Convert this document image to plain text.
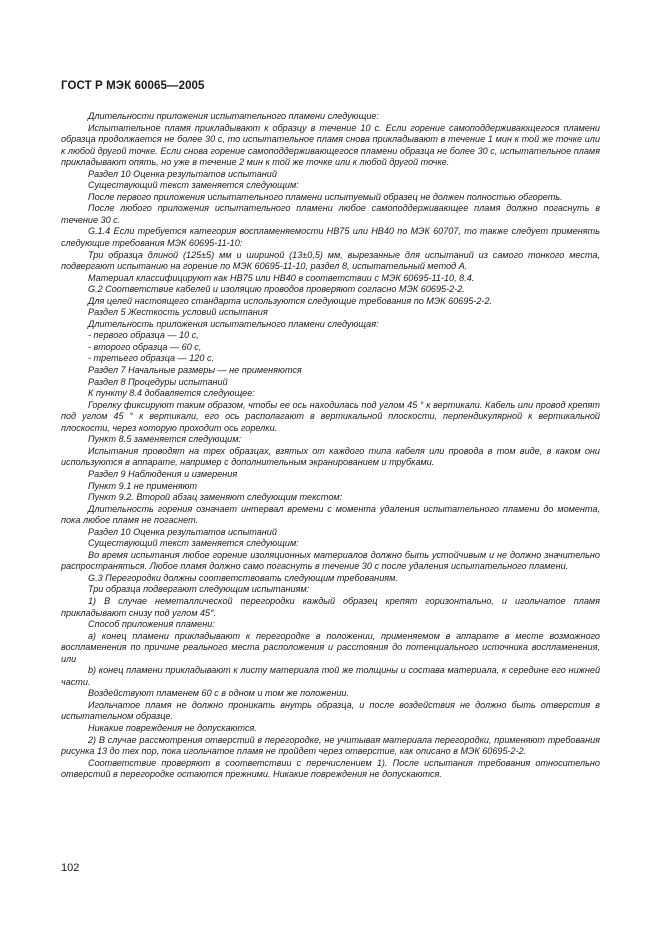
ГОСТ Р МЭК 60065—2005

Длительности приложения испытательного пламени следующие:

Испытательное пламя прикладывают к образцу в течение 10 с. Если горение самоподдерживающегося пламени образца продолжается не более 30 с, то испытательное пламя снова прикладывают в течение 1 мин к той же точке или к любой другой точке. Если снова горение самоподдерживающегося пламени образца не более 30 с, испытательное пламя прикладывают опять, но уже в течение 2 мин к той же точке или к любой другой точке.

Раздел 10 Оценка результатов испытаний

Существующий текст заменяется следующим:

После первого приложения испытательного пламени испытуемый образец не должен полностью обгореть.

После любого приложения испытательного пламени любое самоподдерживающее пламя должно погаснуть в течение 30 с.

G.1.4 Если требуется категория воспламеняемости НВ75 или НВ40 по МЭК 60707, то также следует применять следующие требования МЭК 60695-11-10:

Три образца длиной (125±5) мм и шириной (13±0,5) мм, вырезанные для испытаний из самого тонкого места, подвергают испытанию на горение по МЭК 60695-11-10, раздел 8, испытательный метод А.

Материал классифицируют как НВ75 или НВ40 в соответствии с МЭК 60695-11-10, 8.4.

G.2 Соответствие кабелей и изоляцию проводов проверяют согласно МЭК 60695-2-2.

Для целей настоящего стандарта используются следующие требования по МЭК 60695-2-2.

Раздел 5 Жесткость условий испытания

Длительность приложения испытательного пламени следующая:

- первого образца — 10 с,

- второго образца — 60 с,

- третьего образца — 120 с.

Раздел 7 Начальные размеры — не применяются

Раздел 8 Процедуры испытаний

К пункту 8.4 добавляется следующее:

Горелку фиксируют таким образом, чтобы ее ось находилась под углом 45 ° к вертикали. Кабель или провод крепят под углом 45 ° к вертикали, его ось располагают в вертикальной плоскости, перпендикулярной к вертикальной плоскости, через которую проходит ось горелки.

Пункт 8.5 заменяется следующим:

Испытания проводят на трех образцах, взятых от каждого типа кабеля или провода в том виде, в каком они используются в аппарате, например с дополнительным экранированием и трубками.

Раздел 9 Наблюдения и измерения

Пункт 9.1 не применяют

Пункт 9.2. Второй абзац заменяют следующим текстом:

Длительность горения означает интервал времени с момента удаления испытательного пламени до момента, пока любое пламя не погаснет.

Раздел 10 Оценка результатов испытаний

Существующий текст заменяется следующим:

Во время испытания любое горение изоляционных материалов должно быть устойчивым и не должно значительно распространяться. Любое пламя должно само погаснуть в течение 30 с после удаления испытательного пламени.

G.3 Перегородки должны соответствовать следующим требованиям.

Три образца подвергают следующим испытаниям:

1) В случае неметаллической перегородки каждый образец крепят горизонтально, и игольчатое пламя прикладывают снизу под углом 45°.

Способ приложения пламени:

a) конец пламени прикладывают к перегородке в положении, применяемом в аппарате в месте возможного воспламенения по причине реального места расположения и расстояния до потенциального источника воспламенения, или

b) конец пламени прикладывают к листу материала той же толщины и состава материала, к середине его нижней части.

Воздействуют пламенем 60 с в одном и том же положении.

Игольчатое пламя не должно проникать внутрь образца, и после воздействия не должно быть отверстия в испытательном образце.

Никакие повреждения не допускаются.

2) В случае рассмотрения отверстий в перегородке, не учитывая материала перегородки, применяют требования рисунка 13 до тех пор, пока игольчатое пламя не пройдет через отверстие, как описано в МЭК 60695-2-2.

Соответствие проверяют в соответствии с перечислением 1). После испытания требования относительно отверстий в перегородке остаются прежними. Никакие повреждения не допускаются.

102
